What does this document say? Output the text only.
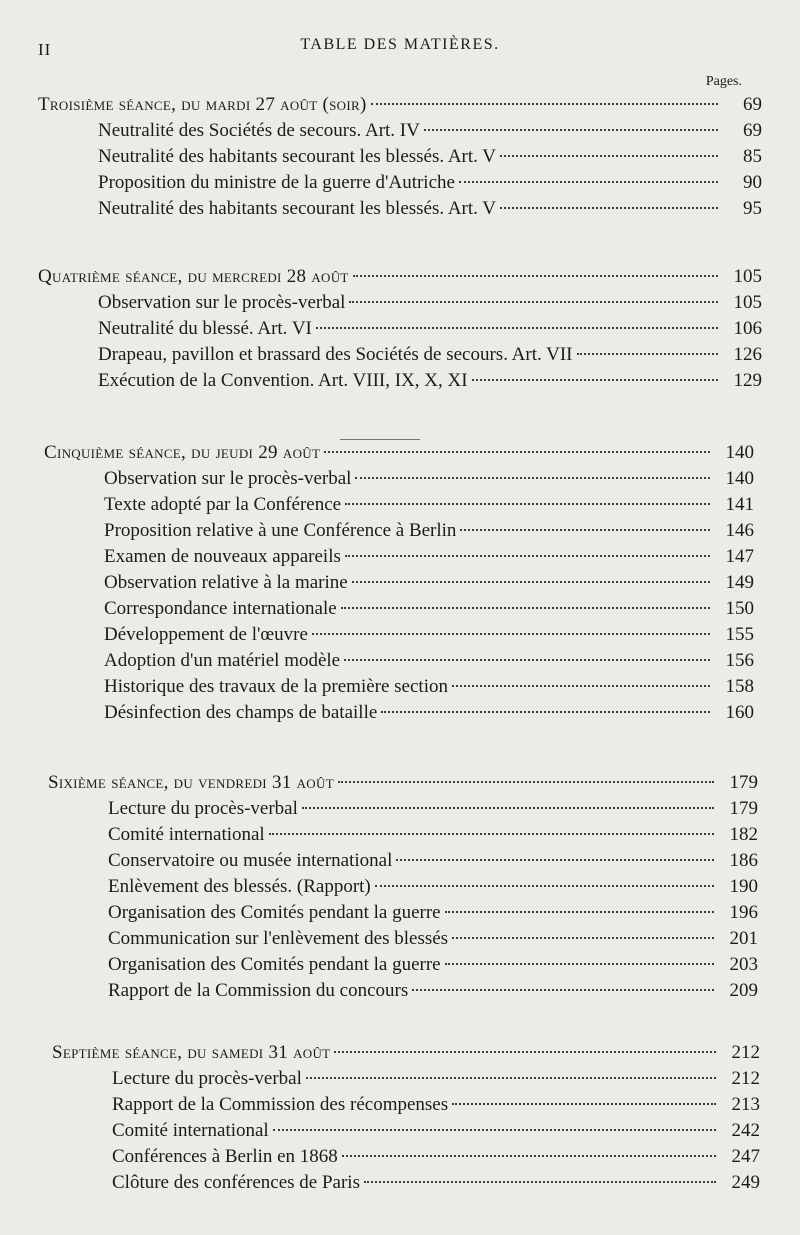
II	TABLE DES MATIÈRES.
Pages.
Troisième séance, du mardi 27 août (soir)	69
Neutralité des Sociétés de secours. Art. IV	69
Neutralité des habitants secourant les blessés. Art. V	85
Proposition du ministre de la guerre d'Autriche	90
Neutralité des habitants secourant les blessés. Art. V	95
Quatrième séance, du mercredi 28 août	105
Observation sur le procès-verbal	105
Neutralité du blessé. Art. VI	106
Drapeau, pavillon et brassard des Sociétés de secours. Art. VII	126
Exécution de la Convention. Art. VIII, IX, X, XI	129
Cinquième séance, du jeudi 29 août	140
Observation sur le procès-verbal	140
Texte adopté par la Conférence	141
Proposition relative à une Conférence à Berlin	146
Examen de nouveaux appareils	147
Observation relative à la marine	149
Correspondance internationale	150
Développement de l'œuvre	155
Adoption d'un matériel modèle	156
Historique des travaux de la première section	158
Désinfection des champs de bataille	160
Sixième séance, du vendredi 31 août	179
Lecture du procès-verbal	179
Comité international	182
Conservatoire ou musée international	186
Enlèvement des blessés. (Rapport)	190
Organisation des Comités pendant la guerre	196
Communication sur l'enlèvement des blessés	201
Organisation des Comités pendant la guerre	203
Rapport de la Commission du concours	209
Septième séance, du samedi 31 août	212
Lecture du procès-verbal	212
Rapport de la Commission des récompenses	213
Comité international	242
Conférences à Berlin en 1868	247
Clôture des conférences de Paris	249
